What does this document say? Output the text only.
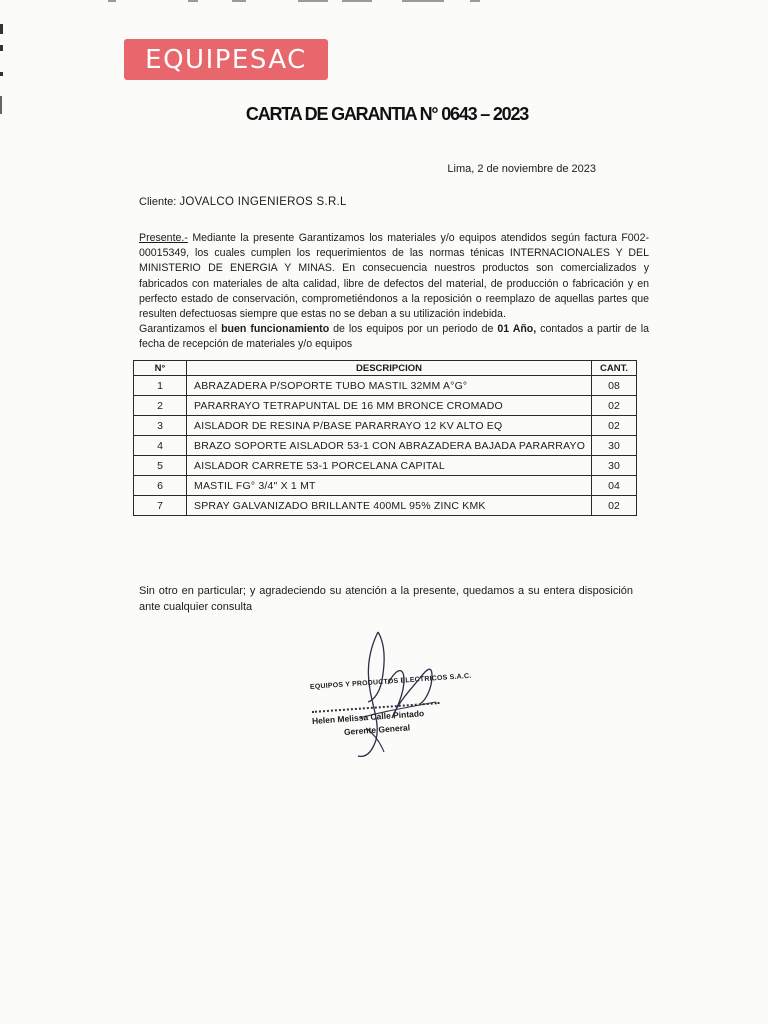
EQUIPESAC
CARTA DE GARANTIA N° 0643 – 2023
Lima, 2 de noviembre de 2023
Cliente: JOVALCO INGENIEROS S.R.L

Presente.- Mediante la presente Garantizamos los materiales y/o equipos atendidos según factura F002-00015349, los cuales cumplen los requerimientos de las normas ténicas INTERNACIONALES Y DEL MINISTERIO DE ENERGIA Y MINAS. En consecuencia nuestros productos son comercializados y fabricados con materiales de alta calidad, libre de defectos del material, de producción o fabricación y en perfecto estado de conservación, comprometiéndonos a la reposición o reemplazo de aquellas partes que resulten defectuosas siempre que estas no se deban a su utilización indebida.

Garantizamos el buen funcionamiento de los equipos por un periodo de 01 Año, contados a partir de la fecha de recepción de materiales y/o equipos

N°	DESCRIPCION	CANT.
1	ABRAZADERA P/SOPORTE TUBO MASTIL 32MM A°G°	08
2	PARARRAYO TETRAPUNTAL DE 16 MM BRONCE CROMADO	02
3	AISLADOR DE RESINA P/BASE PARARRAYO 12 KV ALTO EQ	02
4	BRAZO SOPORTE AISLADOR 53-1 CON ABRAZADERA BAJADA PARARRAYO	30
5	AISLADOR CARRETE 53-1 PORCELANA CAPITAL	30
6	MASTIL FG° 3/4" X 1 MT	04
7	SPRAY GALVANIZADO BRILLANTE 400ML 95% ZINC KMK	02
Sin otro en particular; y agradeciendo su atención a la presente, quedamos a su entera disposición ante cualquier consulta
EQUIPOS Y PRODUCTOS ELECTRICOS S.A.C.
Helen Melissa Calle Pintado
Gerente General
